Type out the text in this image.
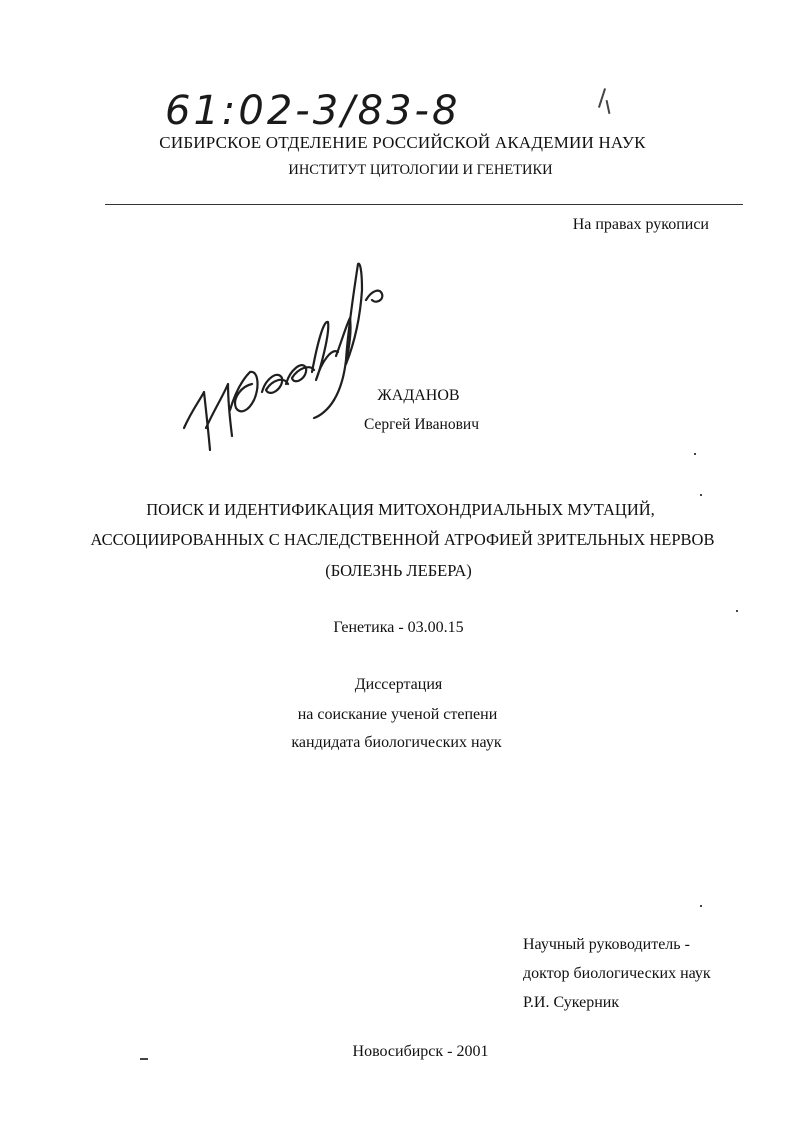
61:02-3/83-8
СИБИРСКОЕ ОТДЕЛЕНИЕ РОССИЙСКОЙ АКАДЕМИИ НАУК
ИНСТИТУТ ЦИТОЛОГИИ И ГЕНЕТИКИ
На правах рукописи
ЖАДАНОВ
Сергей Иванович
ПОИСК И ИДЕНТИФИКАЦИЯ МИТОХОНДРИАЛЬНЫХ МУТАЦИЙ,
АССОЦИИРОВАННЫХ С НАСЛЕДСТВЕННОЙ АТРОФИЕЙ ЗРИТЕЛЬНЫХ НЕРВОВ
(БОЛЕЗНЬ ЛЕБЕРА)
Генетика - 03.00.15
Диссертация
на соискание ученой степени
кандидата биологических наук
Научный руководитель -
доктор биологических наук
Р.И. Сукерник
Новосибирск - 2001
